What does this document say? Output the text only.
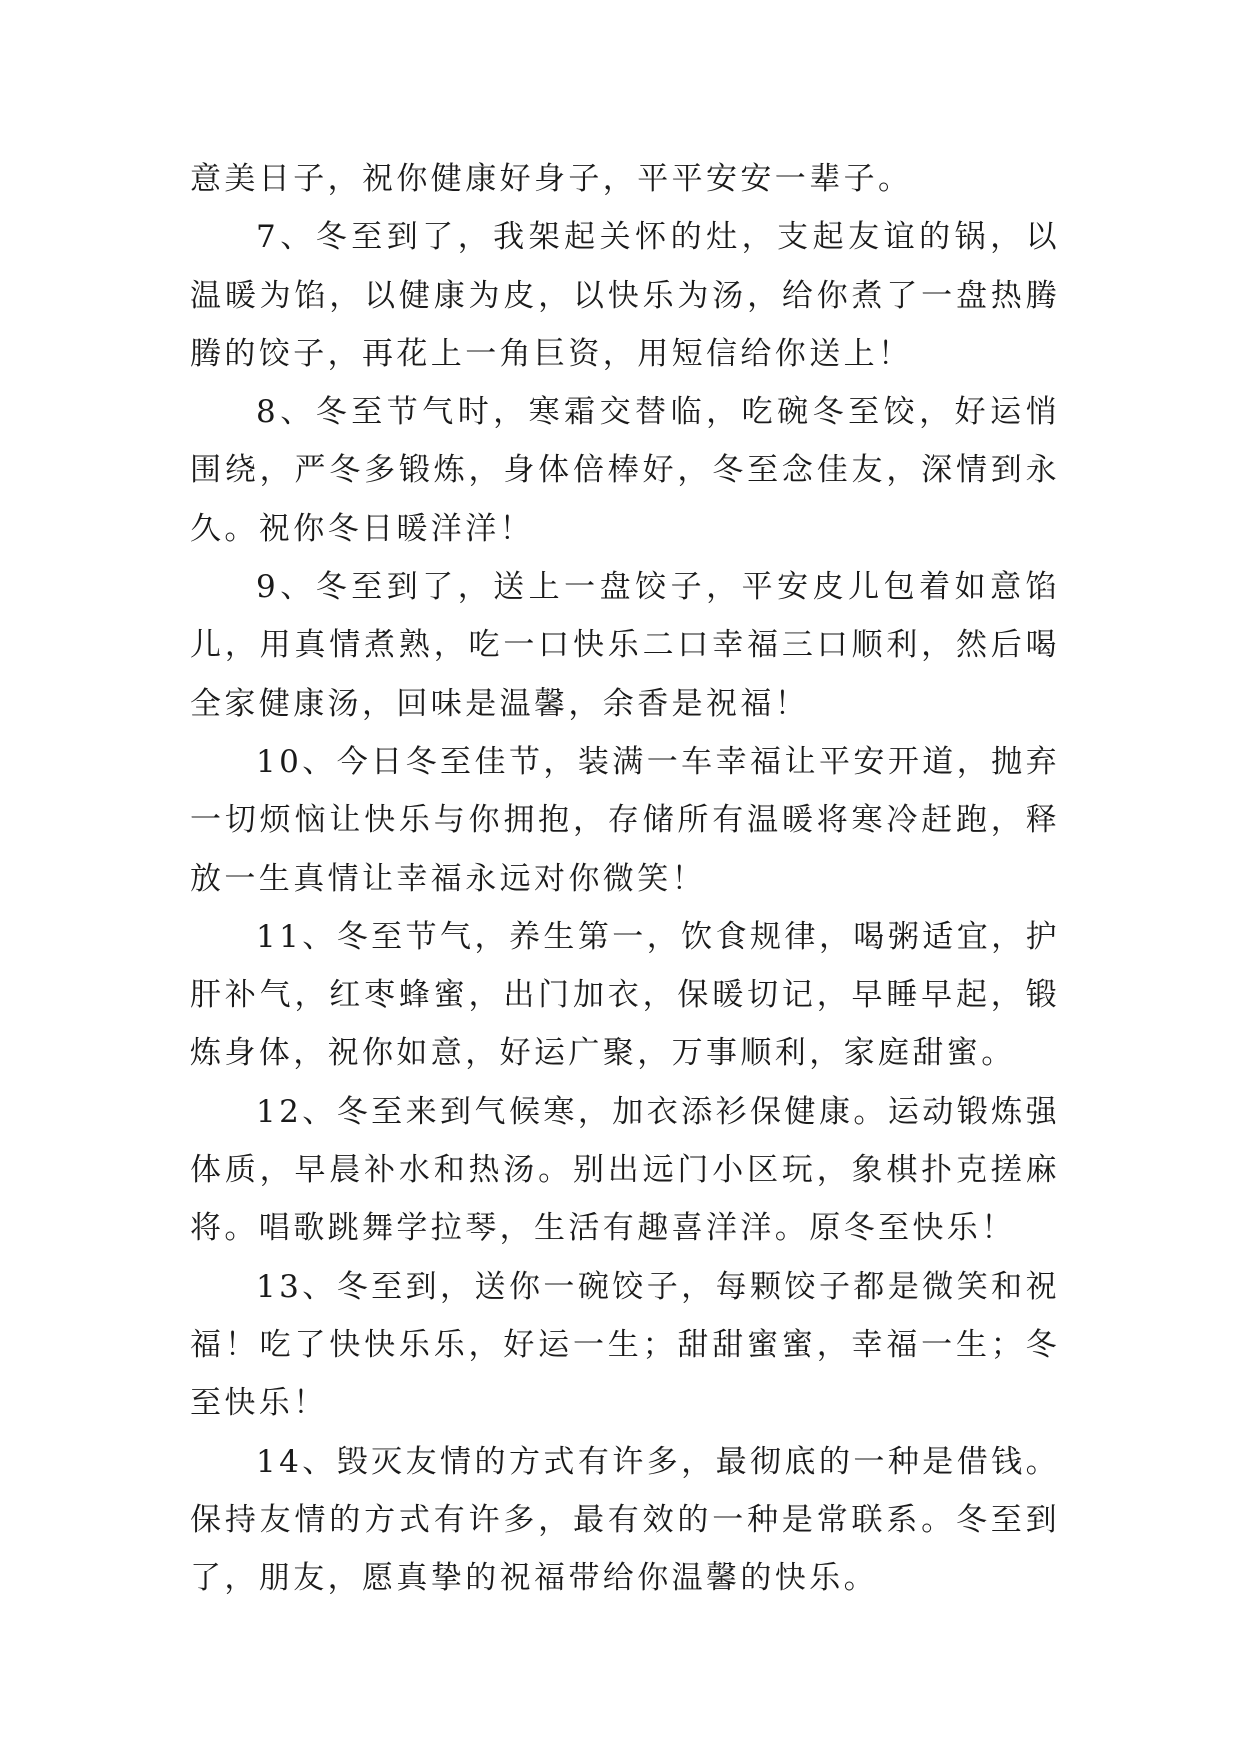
意美日子，祝你健康好身子，平平安安一辈子。

7、冬至到了，我架起关怀的灶，支起友谊的锅，以温暖为馅，以健康为皮，以快乐为汤，给你煮了一盘热腾腾的饺子，再花上一角巨资，用短信给你送上！

8、冬至节气时，寒霜交替临，吃碗冬至饺，好运悄围绕，严冬多锻炼，身体倍棒好，冬至念佳友，深情到永久。祝你冬日暖洋洋！

9、冬至到了，送上一盘饺子，平安皮儿包着如意馅儿，用真情煮熟，吃一口快乐二口幸福三口顺利，然后喝全家健康汤，回味是温馨，余香是祝福！

10、今日冬至佳节，装满一车幸福让平安开道，抛弃一切烦恼让快乐与你拥抱，存储所有温暖将寒冷赶跑，释放一生真情让幸福永远对你微笑！

11、冬至节气，养生第一，饮食规律，喝粥适宜，护肝补气，红枣蜂蜜，出门加衣，保暖切记，早睡早起，锻炼身体，祝你如意，好运广聚，万事顺利，家庭甜蜜。

12、冬至来到气候寒，加衣添衫保健康。运动锻炼强体质，早晨补水和热汤。别出远门小区玩，象棋扑克搓麻将。唱歌跳舞学拉琴，生活有趣喜洋洋。原冬至快乐！

13、冬至到，送你一碗饺子，每颗饺子都是微笑和祝福！吃了快快乐乐，好运一生；甜甜蜜蜜，幸福一生；冬至快乐！

14、毁灭友情的方式有许多，最彻底的一种是借钱。保持友情的方式有许多，最有效的一种是常联系。冬至到了，朋友，愿真挚的祝福带给你温馨的快乐。
